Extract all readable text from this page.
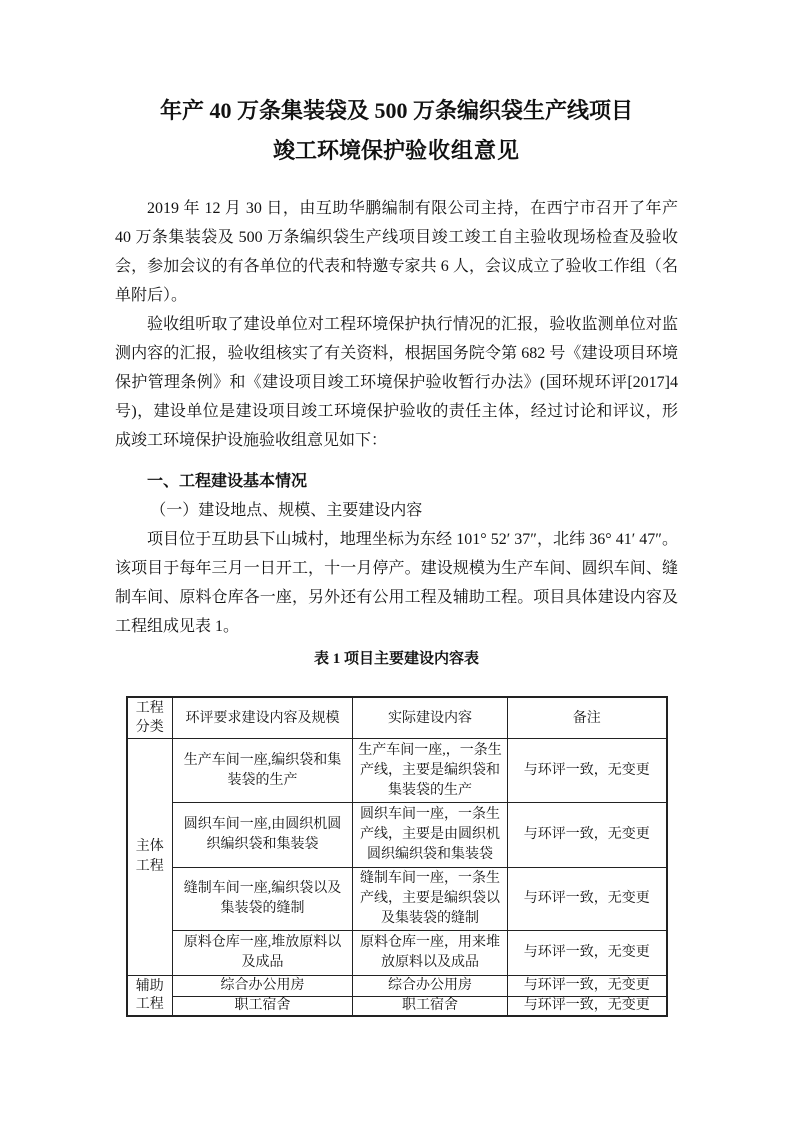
年产 40 万条集装袋及 500 万条编织袋生产线项目
竣工环境保护验收组意见

2019 年 12 月 30 日，由互助华鹏编制有限公司主持，在西宁市召开了年产 40 万条集装袋及 500 万条编织袋生产线项目竣工竣工自主验收现场检查及验收会，参加会议的有各单位的代表和特邀专家共 6 人，会议成立了验收工作组（名单附后）。

验收组听取了建设单位对工程环境保护执行情况的汇报，验收监测单位对监测内容的汇报，验收组核实了有关资料，根据国务院令第 682 号《建设项目环境保护管理条例》和《建设项目竣工环境保护验收暂行办法》(国环规环评[2017]4 号)，建设单位是建设项目竣工环境保护验收的责任主体，经过讨论和评议，形成竣工环境保护设施验收组意见如下：

一、工程建设基本情况

（一）建设地点、规模、主要建设内容

项目位于互助县下山城村，地理坐标为东经 101° 52′ 37″，北纬 36° 41′ 47″。该项目于每年三月一日开工，十一月停产。建设规模为生产车间、圆织车间、缝制车间、原料仓库各一座，另外还有公用工程及辅助工程。项目具体建设内容及工程组成见表 1。

表 1 项目主要建设内容表

工程分类	环评要求建设内容及规模	实际建设内容	备注
主体工程	生产车间一座,编织袋和集装袋的生产	生产车间一座,，一条生产线，主要是编织袋和集装袋的生产	与环评一致，无变更
	圆织车间一座,由圆织机圆织编织袋和集装袋	圆织车间一座，一条生产线，主要是由圆织机圆织编织袋和集装袋	与环评一致，无变更
	缝制车间一座,编织袋以及集装袋的缝制	缝制车间一座，一条生产线，主要是编织袋以及集装袋的缝制	与环评一致，无变更
	原料仓库一座,堆放原料以及成品	原料仓库一座，用来堆放原料以及成品	与环评一致，无变更
辅助工程	综合办公用房	综合办公用房	与环评一致，无变更
	职工宿舍	职工宿舍	与环评一致，无变更
